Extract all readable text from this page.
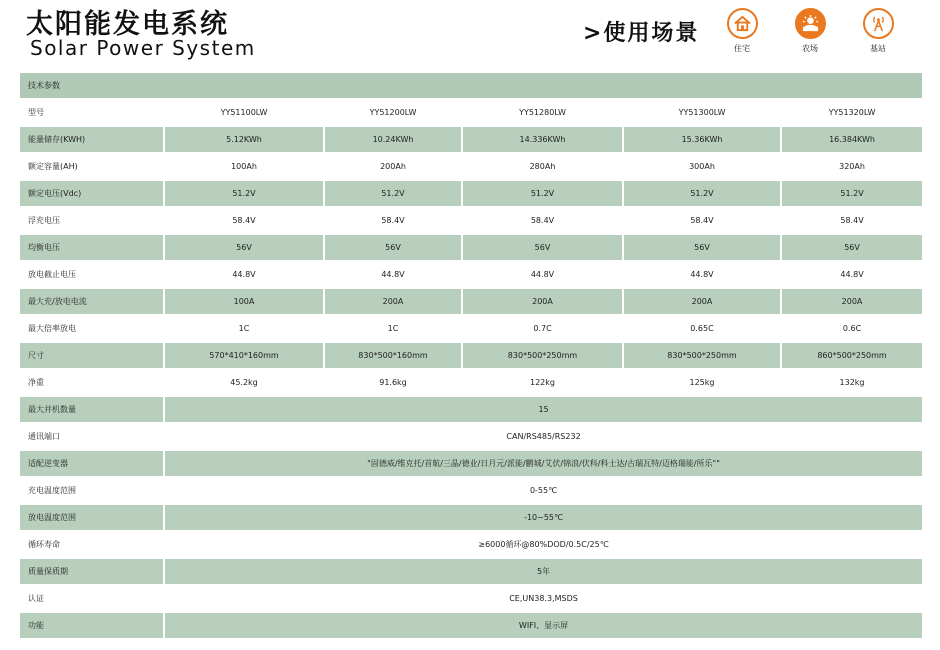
太阳能发电系统
Solar Power System
>使用场景
住宅	农场	基站
技术参数					
型号	YY51100LW	YY51200LW	YY51280LW	YY51300LW	YY51320LW
能量储存(KWH)	5.12KWh	10.24KWh	14.336KWh	15.36KWh	16.384KWh
额定容量(AH)	100Ah	200Ah	280Ah	300Ah	320Ah
额定电压(Vdc)	51.2V	51.2V	51.2V	51.2V	51.2V
浮充电压	58.4V	58.4V	58.4V	58.4V	58.4V
均衡电压	56V	56V	56V	56V	56V
放电截止电压	44.8V	44.8V	44.8V	44.8V	44.8V
最大充/放电电流	100A	200A	200A	200A	200A
最大倍率放电	1C	1C	0.7C	0.65C	0.6C
尺寸	570*410*160mm	830*500*160mm	830*500*250mm	830*500*250mm	860*500*250mm
净重	45.2kg	91.6kg	122kg	125kg	132kg
最大并机数量	15				
通讯端口	CAN/RS485/RS232				
适配逆变器	"固德威/维克托/首航/三晶/德业/日月元/派能/鹏城/艾伏/锦浪/伏科/科士达/古瑞瓦特/迈格瑞能/所乐""				
充电温度范围	0-55℃				
放电温度范围	-10~55℃				
循环寿命	≥6000循环@80%DOD/0.5C/25℃				
质量保质期	5年				
认证	CE,UN38.3,MSDS				
功能	WIFI、显示屏				
